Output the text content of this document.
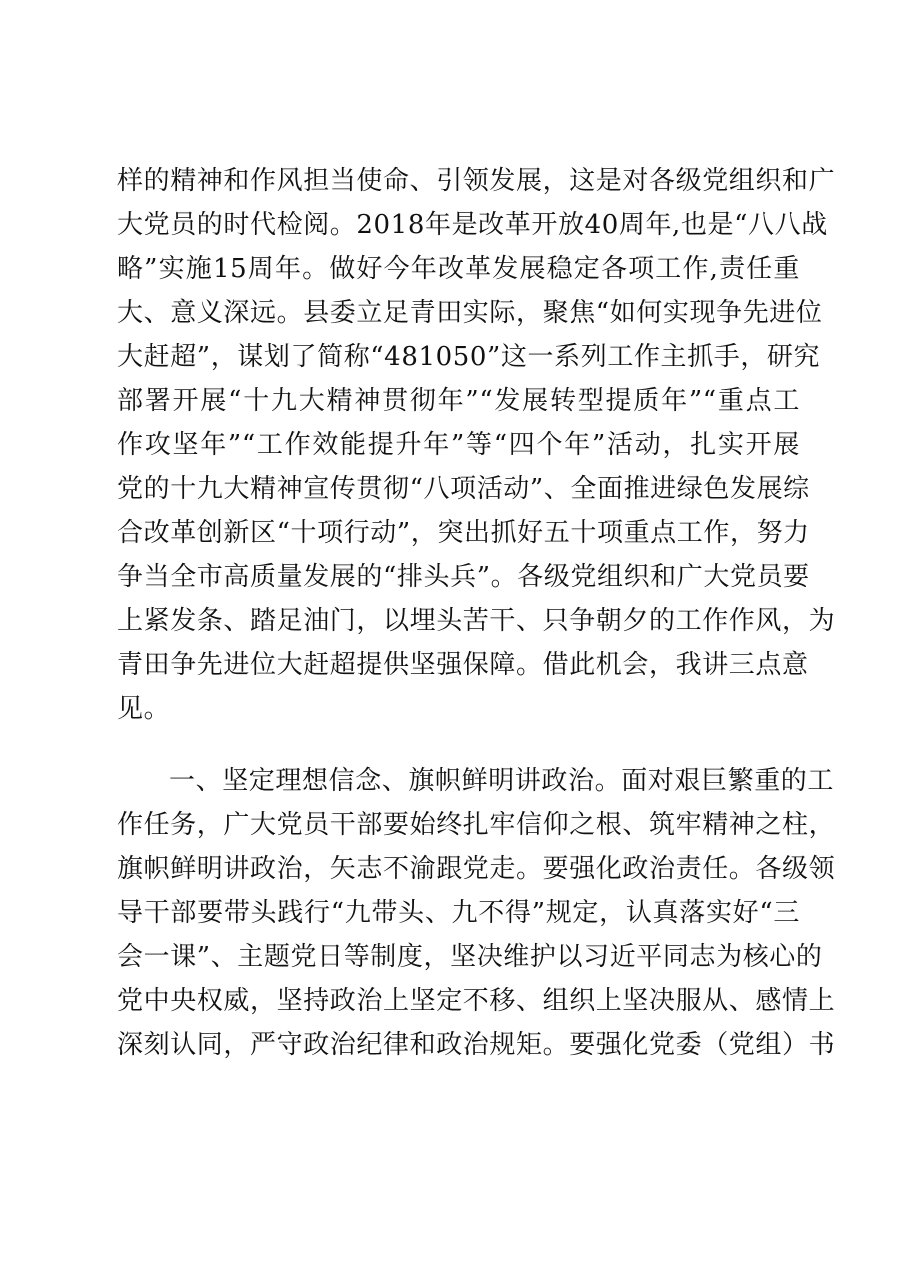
样的精神和作风担当使命、引领发展，这是对各级党组织和广
大党员的时代检阅。2018年是改革开放40周年,也是“八八战
略”实施15周年。做好今年改革发展稳定各项工作,责任重
大、意义深远。县委立足青田实际，聚焦“如何实现争先进位
大赶超”，谋划了简称“481050”这一系列工作主抓手，研究
部署开展“十九大精神贯彻年”“发展转型提质年”“重点工
作攻坚年”“工作效能提升年”等“四个年”活动，扎实开展
党的十九大精神宣传贯彻“八项活动”、全面推进绿色发展综
合改革创新区“十项行动”，突出抓好五十项重点工作，努力
争当全市高质量发展的“排头兵”。各级党组织和广大党员要
上紧发条、踏足油门，以埋头苦干、只争朝夕的工作作风，为
青田争先进位大赶超提供坚强保障。借此机会，我讲三点意
见。
一、坚定理想信念、旗帜鲜明讲政治。面对艰巨繁重的工
作任务，广大党员干部要始终扎牢信仰之根、筑牢精神之柱，
旗帜鲜明讲政治，矢志不渝跟党走。要强化政治责任。各级领
导干部要带头践行“九带头、九不得”规定，认真落实好“三
会一课”、主题党日等制度，坚决维护以习近平同志为核心的
党中央权威，坚持政治上坚定不移、组织上坚决服从、感情上
深刻认同，严守政治纪律和政治规矩。要强化党委（党组）书
